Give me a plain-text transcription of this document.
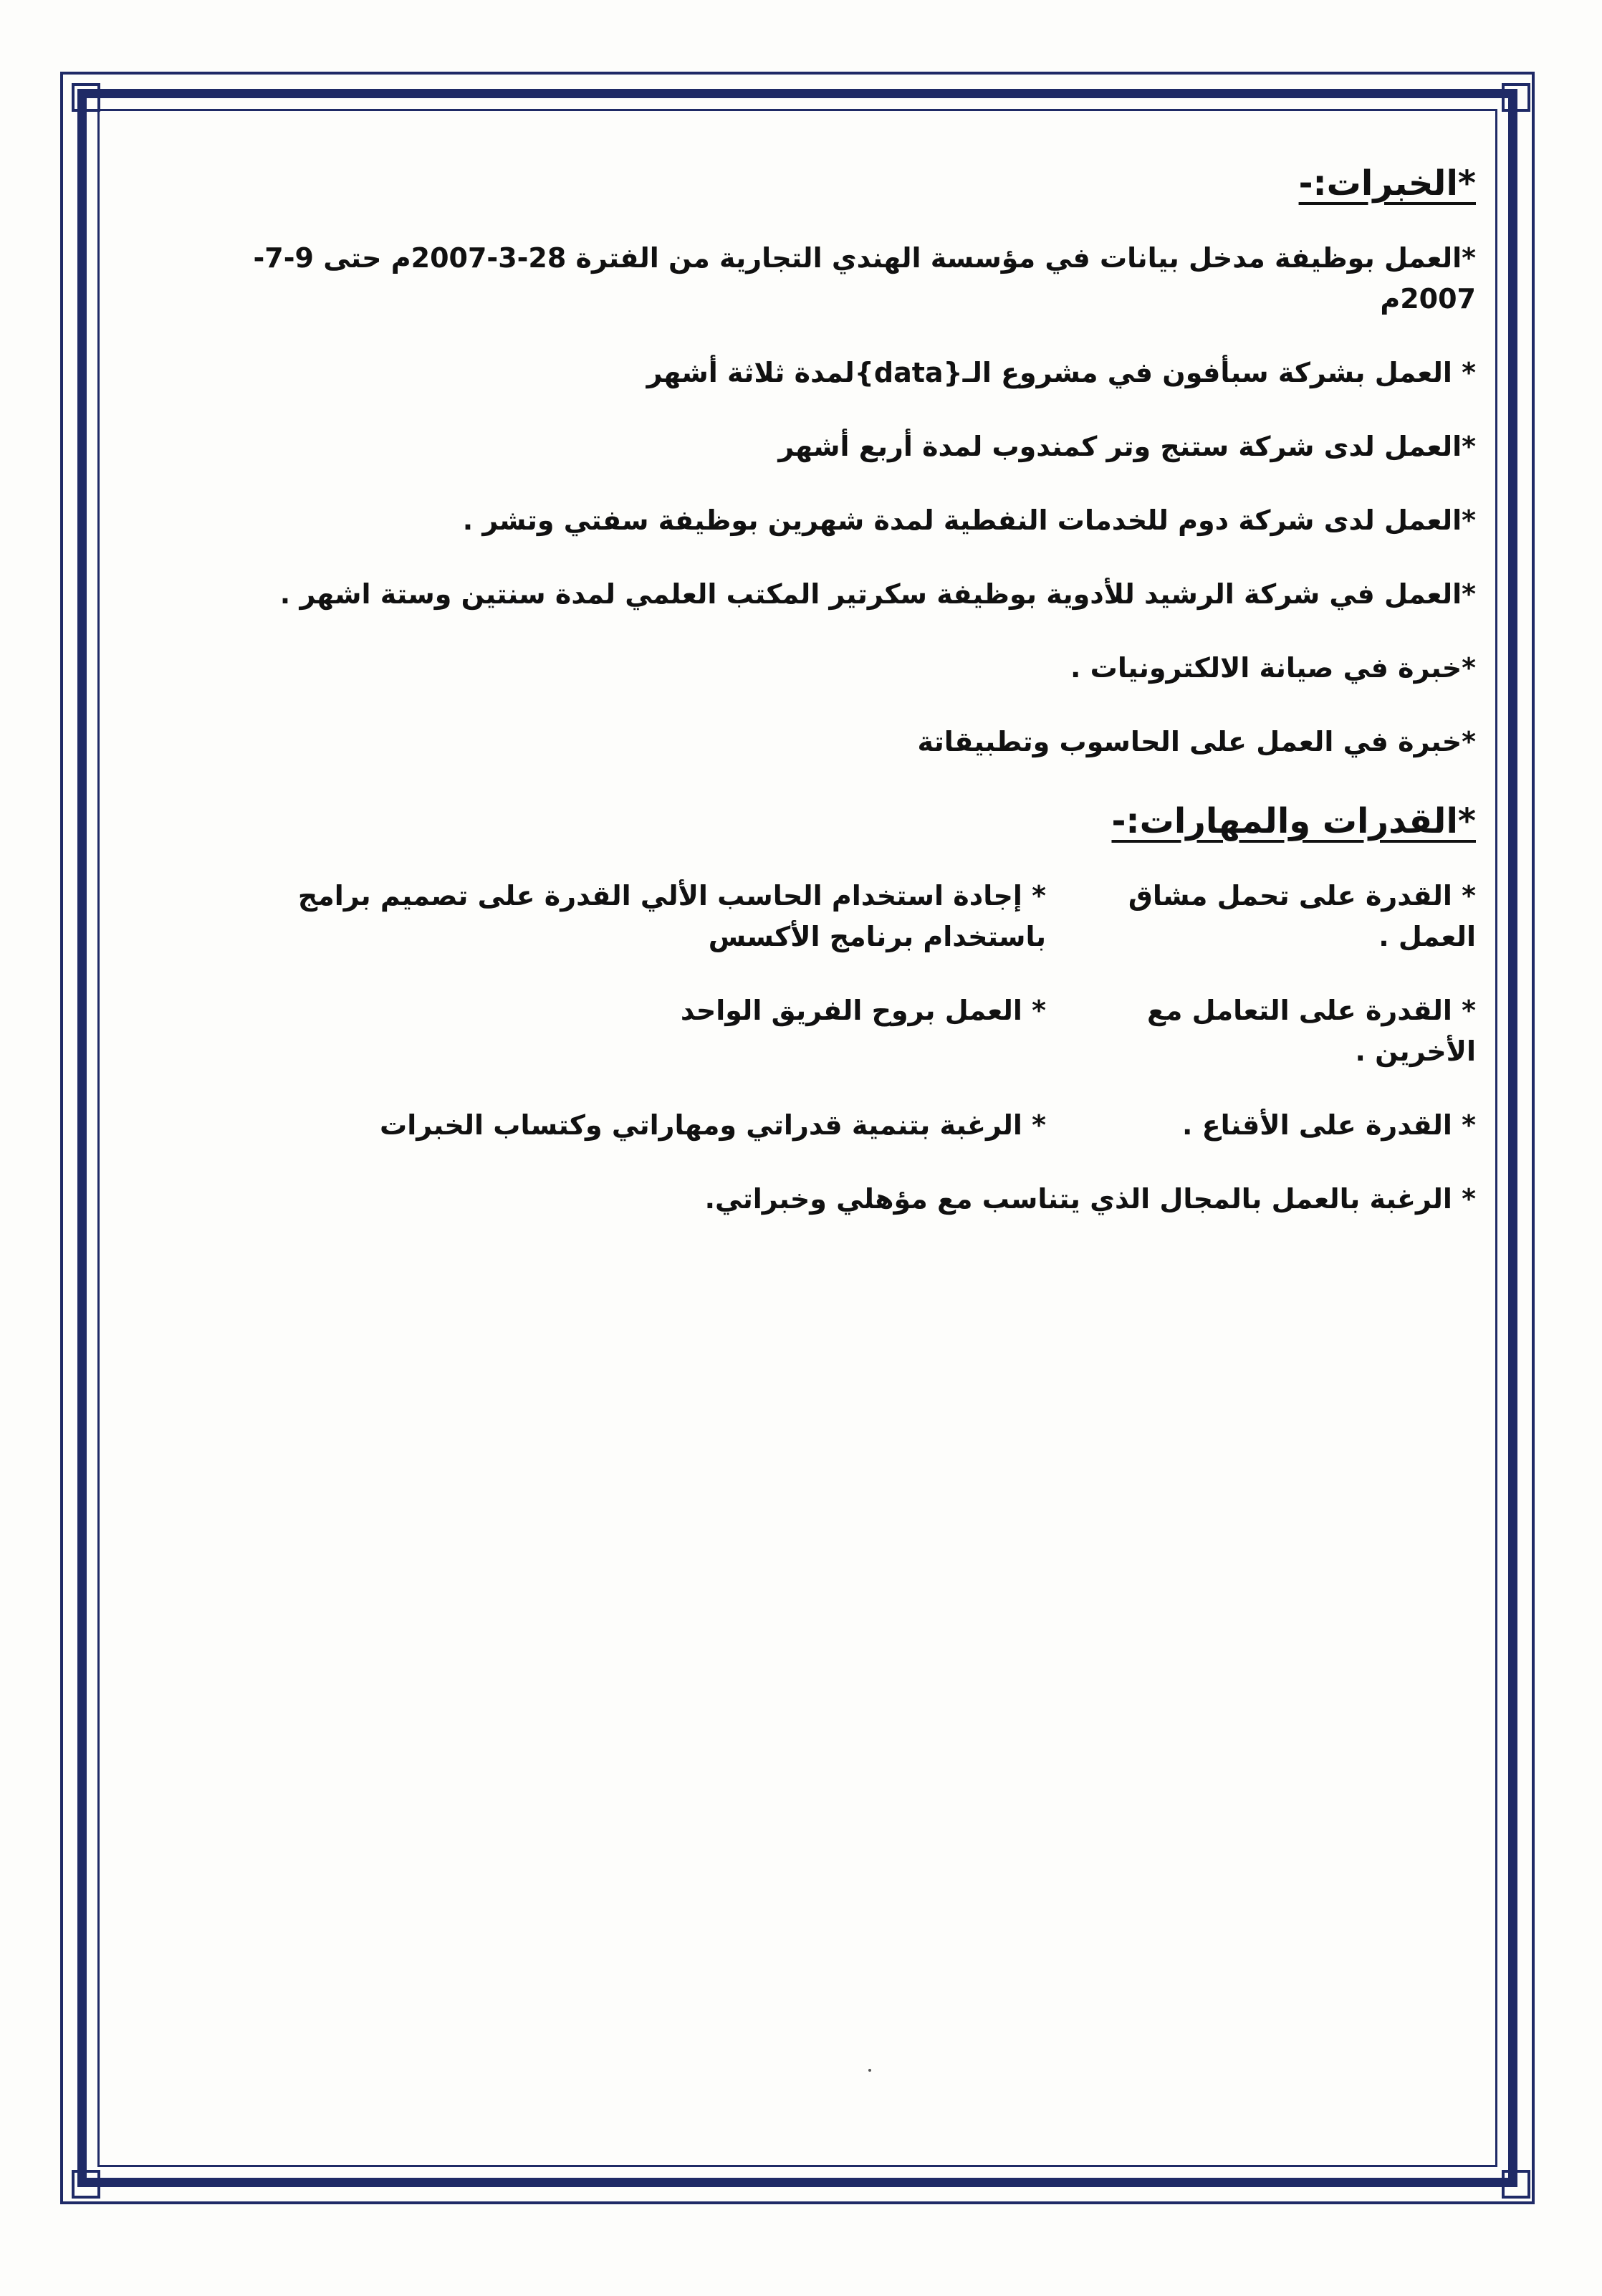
*الخبرات:-
*العمل بوظيفة مدخل بيانات في مؤسسة الهندي التجارية من الفترة 28-3-2007م حتى 9-7-2007م
* العمل بشركة سبأفون في مشروع الـ{data}لمدة ثلاثة أشهر
*العمل لدى شركة ستنج وتر كمندوب لمدة أربع أشهر
*العمل لدى شركة دوم للخدمات النفطية لمدة شهرين بوظيفة سفتي وتشر .
*العمل في شركة الرشيد للأدوية بوظيفة سكرتير المكتب العلمي لمدة سنتين وستة اشهر .
*خبرة في صيانة الالكترونيات .
*خبرة في العمل على الحاسوب وتطبيقاتة
*القدرات والمهارات:-
* القدرة على تحمل مشاق العمل .
* إجادة استخدام الحاسب الألي القدرة على تصميم برامج باستخدام برنامج الأكسس
* القدرة على التعامل مع الأخرين .
* العمل بروح الفريق الواحد
* القدرة على الأقناع .
* الرغبة بتنمية قدراتي ومهاراتي وكتساب الخبرات
* الرغبة بالعمل بالمجال الذي يتناسب مع مؤهلي وخبراتي.
